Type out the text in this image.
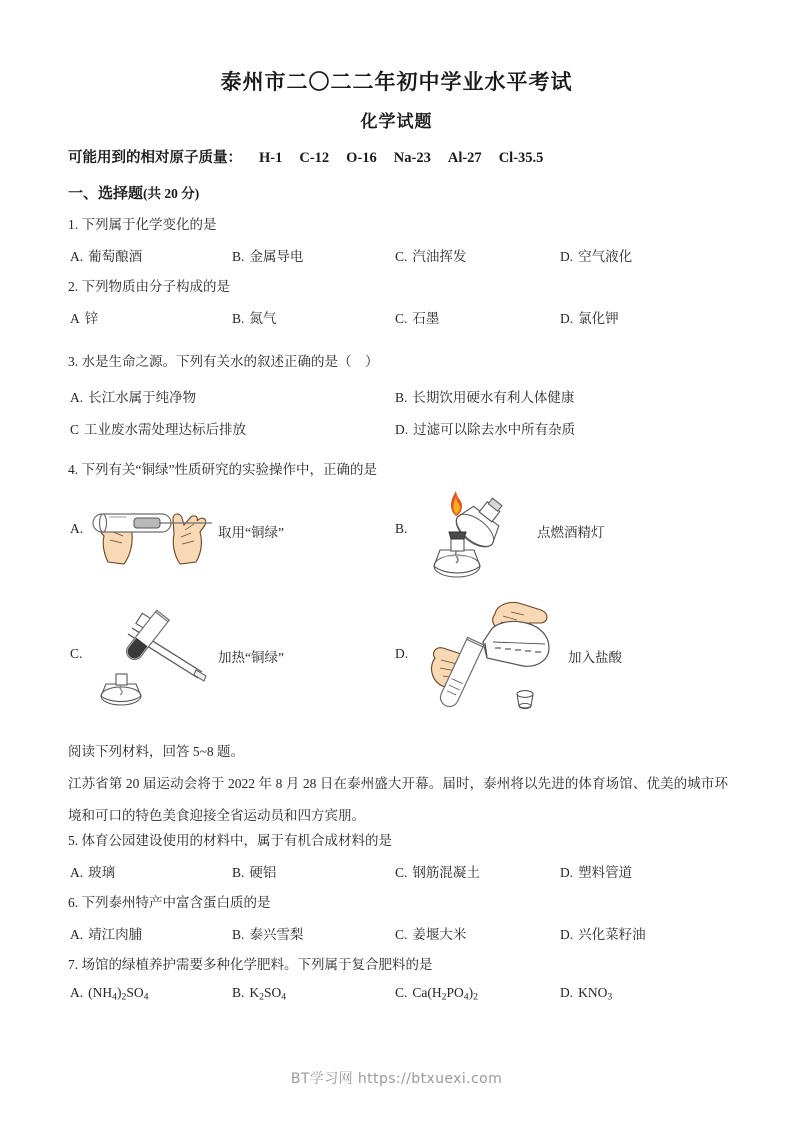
泰州市二〇二二年初中学业水平考试
化学试题
可能用到的相对原子质量： H-1 C-12 O-16 Na-23 Al-27 Cl-35.5
一、选择题(共 20 分)
1. 下列属于化学变化的是
A. 葡萄酿酒	B. 金属导电	C. 汽油挥发	D. 空气液化
2. 下列物质由分子构成的是
A 锌	B. 氮气	C. 石墨	D. 氯化钾
3. 水是生命之源。下列有关水的叙述正确的是（　）
A. 长江水属于纯净物	B. 长期饮用硬水有利人体健康
C 工业废水需处理达标后排放	D. 过滤可以除去水中所有杂质
4. 下列有关“铜绿”性质研究的实验操作中，正确的是
A.	取用“铜绿”	B.	点燃酒精灯
C.	加热“铜绿”	D.	加入盐酸
阅读下列材料，回答 5~8 题。
江苏省第 20 届运动会将于 2022 年 8 月 28 日在泰州盛大开幕。届时，泰州将以先进的体育场馆、优美的城市环境和可口的特色美食迎接全省运动员和四方宾朋。
5. 体育公园建设使用的材料中，属于有机合成材料的是
A. 玻璃	B. 硬铝	C. 钢筋混凝土	D. 塑料管道
6. 下列泰州特产中富含蛋白质的是
A. 靖江肉脯	B. 泰兴雪梨	C. 姜堰大米	D. 兴化菜籽油
7. 场馆的绿植养护需要多种化学肥料。下列属于复合肥料的是
A. $(NH_4)_2SO_4$	B. $K_2SO_4$	C. $Ca(H_2PO_4)_2$	D. $KNO_3$
BT学习网 https://btxuexi.com
